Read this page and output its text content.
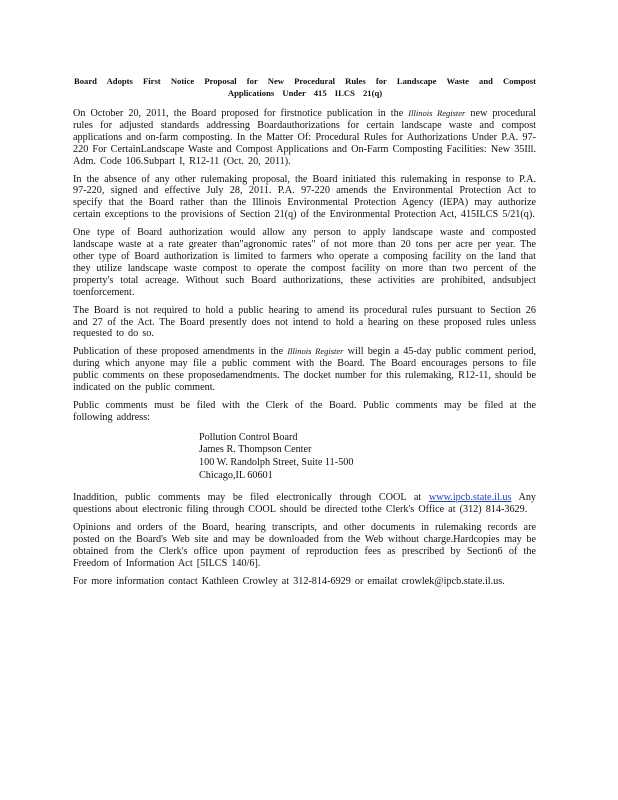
Board Adopts First Notice Proposal for New Procedural Rules for Landscape Waste and Compost Applications Under 415 ILCS 21(q)

On October 20, 2011, the Board proposed for firstnotice publication in the Illinois Register new procedural rules for adjusted standards addressing Boardauthorizations for certain landscape waste and compost applications and on-farm composting. In the Matter Of: Procedural Rules for Authorizations Under P.A. 97-220 For CertainLandscape Waste and Compost Applications and On-Farm Composting Facilities: New 35Ill. Adm. Code 106.Subpart I, R12-11 (Oct. 20, 2011).

In the absence of any other rulemaking proposal, the Board initiated this rulemaking in response to P.A. 97-220, signed and effective July 28, 2011. P.A. 97-220 amends the Environmental Protection Act to specify that the Board rather than the Illinois Environmental Protection Agency (IEPA) may authorize certain exceptions to the provisions of Section 21(q) of the Environmental Protection Act, 415ILCS 5/21(q).

One type of Board authorization would allow any person to apply landscape waste and composted landscape waste at a rate greater than"agronomic rates" of not more than 20 tons per acre per year. The other type of Board authorization is limited to farmers who operate a composing facility on the land that they utilize landscape waste compost to operate the compost facility on more than two percent of the property's total acreage. Without such Board authorizations, these activities are prohibited, andsubject toenforcement.

The Board is not required to hold a public hearing to amend its procedural rules pursuant to Section 26 and 27 of the Act. The Board presently does not intend to hold a hearing on these proposed rules unless requested to do so.

Publication of these proposed amendments in the Illinois Register will begin a 45-day public comment period, during which anyone may file a public comment with the Board. The Board encourages persons to file public comments on these proposedamendments. The docket number for this rulemaking, R12-11, should be indicated on the public comment.

Public comments must be filed with the Clerk of the Board. Public comments may be filed at the following address:

Pollution Control Board
James R. Thompson Center
100 W. Randolph Street, Suite 11-500
Chicago,IL 60601

Inaddition, public comments may be filed electronically through COOL at www.ipcb.state.il.us Any questions about electronic filing through COOL should be directed tothe Clerk's Office at (312) 814-3629.

Opinions and orders of the Board, hearing transcripts, and other documents in rulemaking records are posted on the Board's Web site and may be downloaded from the Web without charge.Hardcopies may be obtained from the Clerk's office upon payment of reproduction fees as prescribed by Section6 of the Freedom of Information Act [5ILCS 140/6].

For more information contact Kathleen Crowley at 312-814-6929 or emailat crowlek@ipcb.state.il.us.
